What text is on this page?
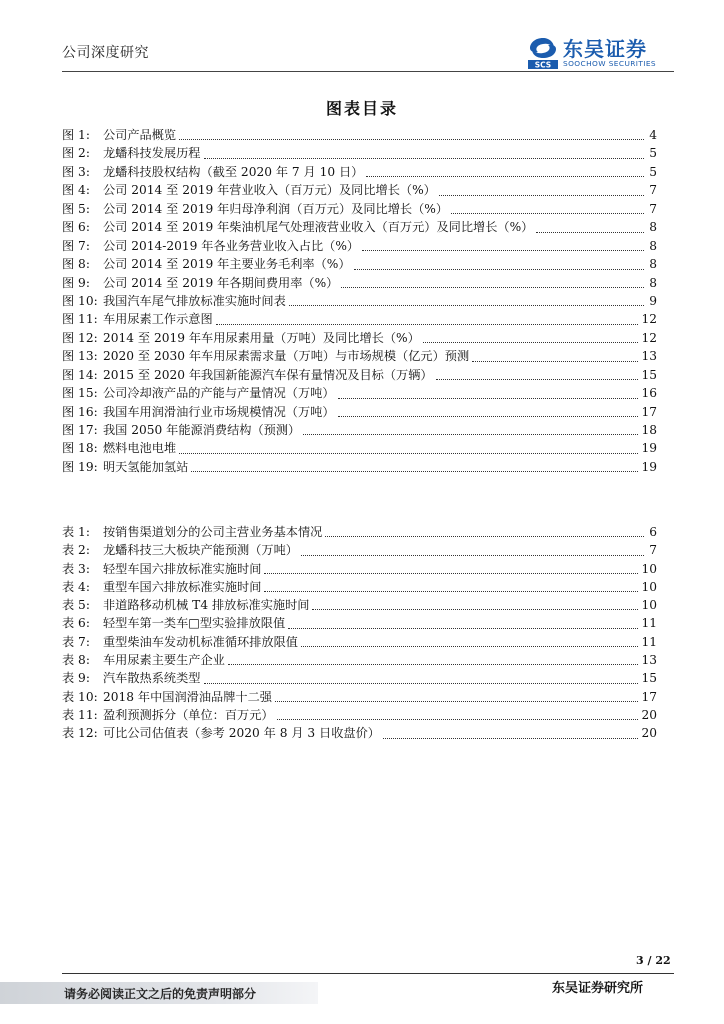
公司深度研究
SCS
东吴证券
SOOCHOW SECURITIES
图表目录
图 1:	公司产品概览	4
图 2:	龙蟠科技发展历程	5
图 3:	龙蟠科技股权结构（截至 2020 年 7 月 10 日）	5
图 4:	公司 2014 至 2019 年营业收入（百万元）及同比增长（%）	7
图 5:	公司 2014 至 2019 年归母净利润（百万元）及同比增长（%）	7
图 6:	公司 2014 至 2019 年柴油机尾气处理液营业收入（百万元）及同比增长（%）	8
图 7:	公司 2014-2019 年各业务营业收入占比（%）	8
图 8:	公司 2014 至 2019 年主要业务毛利率（%）	8
图 9:	公司 2014 至 2019 年各期间费用率（%）	8
图 10: 我国汽车尾气排放标准实施时间表	9
图 11: 车用尿素工作示意图	12
图 12: 2014 至 2019 年车用尿素用量（万吨）及同比增长（%）	12
图 13: 2020 至 2030 年车用尿素需求量（万吨）与市场规模（亿元）预测	13
图 14: 2015 至 2020 年我国新能源汽车保有量情况及目标（万辆）	15
图 15: 公司冷却液产品的产能与产量情况（万吨）	16
图 16: 我国车用润滑油行业市场规模情况（万吨）	17
图 17: 我国 2050 年能源消费结构（预测）	18
图 18: 燃料电池电堆	19
图 19: 明天氢能加氢站	19
表 1:	按销售渠道划分的公司主营业务基本情况	6
表 2:	龙蟠科技三大板块产能预测（万吨）	7
表 3:	轻型车国六排放标准实施时间	10
表 4:	重型车国六排放标准实施时间	10
表 5:	非道路移动机械 T4 排放标准实施时间	10
表 6:	轻型车第一类车□型实验排放限值	11
表 7:	重型柴油车发动机标准循环排放限值	11
表 8:	车用尿素主要生产企业	13
表 9:	汽车散热系统类型	15
表 10: 2018 年中国润滑油品牌十二强	17
表 11: 盈利预测拆分（单位：百万元）	20
表 12: 可比公司估值表（参考 2020 年 8 月 3 日收盘价）	20
3 / 22
请务必阅读正文之后的免责声明部分	东吴证券研究所
